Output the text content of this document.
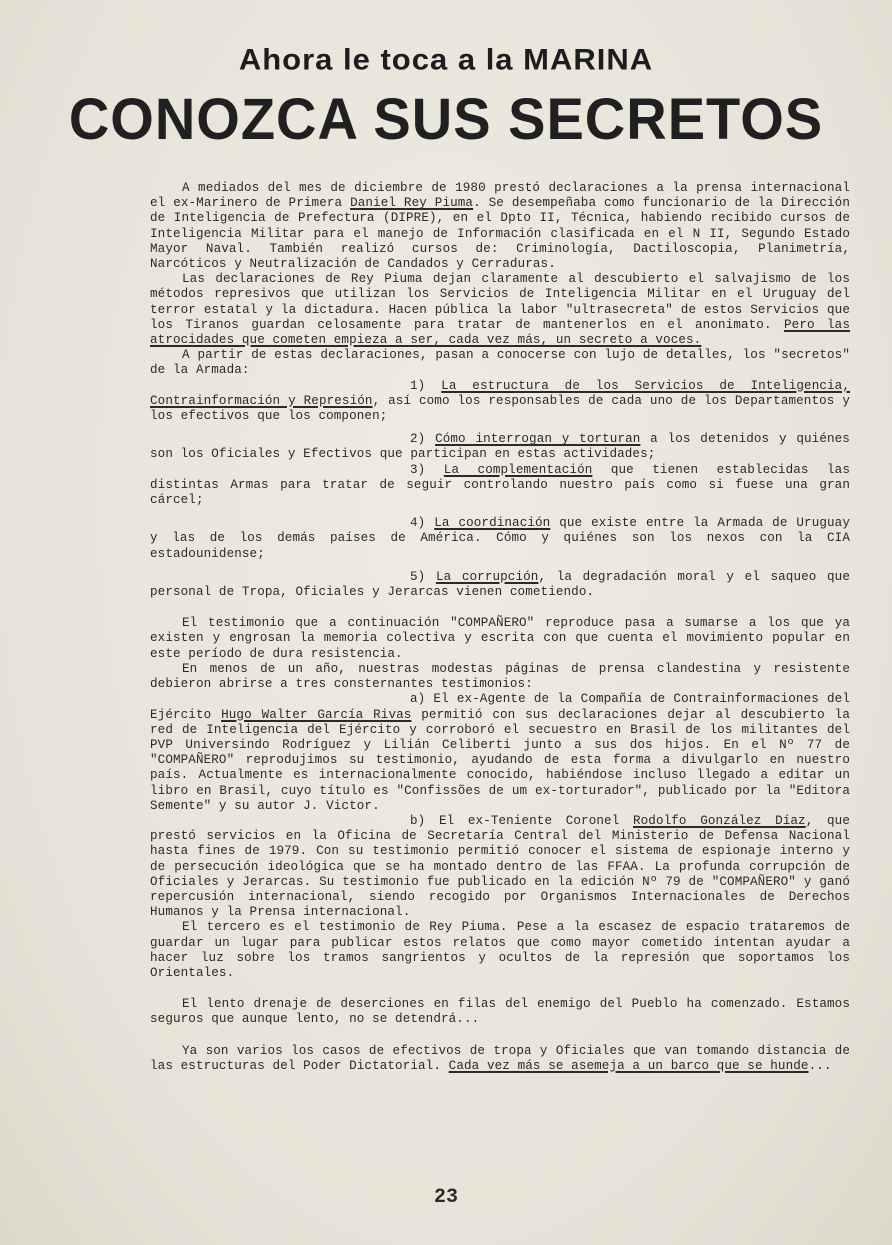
Ahora le toca a la MARINA
CONOZCA SUS SECRETOS

A mediados del mes de diciembre de 1980 prestó declaraciones a la prensa internacional el ex-Marinero de Primera Daniel Rey Piuma. Se desempeñaba como funcionario de la Dirección de Inteligencia de Prefectura (DIPRE), en el Dpto II, Técnica, habiendo recibido cursos de Inteligencia Militar para el manejo de Información clasificada en el N II, Segundo Estado Mayor Naval. También realizó cursos de: Criminología, Dactiloscopia, Planimetría, Narcóticos y Neutralización de Candados y Cerraduras.

Las declaraciones de Rey Piuma dejan claramente al descubierto el salvajismo de los métodos represivos que utilizan los Servicios de Inteligencia Militar en el Uruguay del terror estatal y la dictadura. Hacen pública la labor "ultrasecreta" de estos Servicios que los Tiranos guardan celosamente para tratar de mantenerlos en el anonimato. Pero las atrocidades que cometen empieza a ser, cada vez más, un secreto a voces.

A partir de estas declaraciones, pasan a conocerse con lujo de detalles, los "secretos" de la Armada:

1) La estructura de los Servicios de Inteligencia, Contrainformación y Represión, así como los responsables de cada uno de los Departamentos y los efectivos que los componen;

2) Cómo interrogan y torturan a los detenidos y quiénes son los Oficiales y Efectivos que participan en estas actividades;

3) La complementación que tienen establecidas las distintas Armas para tratar de seguir controlando nuestro país como si fuese una gran cárcel;

4) La coordinación que existe entre la Armada de Uruguay y las de los demás países de América. Cómo y quiénes son los nexos con la CIA estadounidense;

5) La corrupción, la degradación moral y el saqueo que personal de Tropa, Oficiales y Jerarcas vienen cometiendo.

El testimonio que a continuación "COMPAÑERO" reproduce pasa a sumarse a los que ya existen y engrosan la memoria colectiva y escrita con que cuenta el movimiento popular en este período de dura resistencia.

En menos de un año, nuestras modestas páginas de prensa clandestina y resistente debieron abrirse a tres consternantes testimonios:

a) El ex-Agente de la Compañía de Contrainformaciones del Ejército Hugo Walter García Rivas permitió con sus declaraciones dejar al descubierto la red de Inteligencia del Ejército y corroboró el secuestro en Brasil de los militantes del PVP Universindo Rodríguez y Lilián Celiberti junto a sus dos hijos. En el Nº 77 de "COMPAÑERO" reprodujimos su testimonio, ayudando de esta forma a divulgarlo en nuestro país. Actualmente es internacionalmente conocido, habiéndose incluso llegado a editar un libro en Brasil, cuyo título es "Confissões de um ex-torturador", publicado por la "Editora Semente" y su autor J. Victor.

b) El ex-Teniente Coronel Rodolfo González Díaz, que prestó servicios en la Oficina de Secretaría Central del Ministerio de Defensa Nacional hasta fines de 1979. Con su testimonio permitió conocer el sistema de espionaje interno y de persecución ideológica que se ha montado dentro de las FFAA. La profunda corrupción de Oficiales y Jerarcas. Su testimonio fue publicado en la edición Nº 79 de "COMPAÑERO" y ganó repercusión internacional, siendo recogido por Organismos Internacionales de Derechos Humanos y la Prensa internacional.

El tercero es el testimonio de Rey Piuma. Pese a la escasez de espacio trataremos de guardar un lugar para publicar estos relatos que como mayor cometido intentan ayudar a hacer luz sobre los tramos sangrientos y ocultos de la represión que soportamos los Orientales.

El lento drenaje de deserciones en filas del enemigo del Pueblo ha comenzado. Estamos seguros que aunque lento, no se detendrá...

Ya son varios los casos de efectivos de tropa y Oficiales que van tomando distancia de las estructuras del Poder Dictatorial. Cada vez más se asemeja a un barco que se hunde...

23
